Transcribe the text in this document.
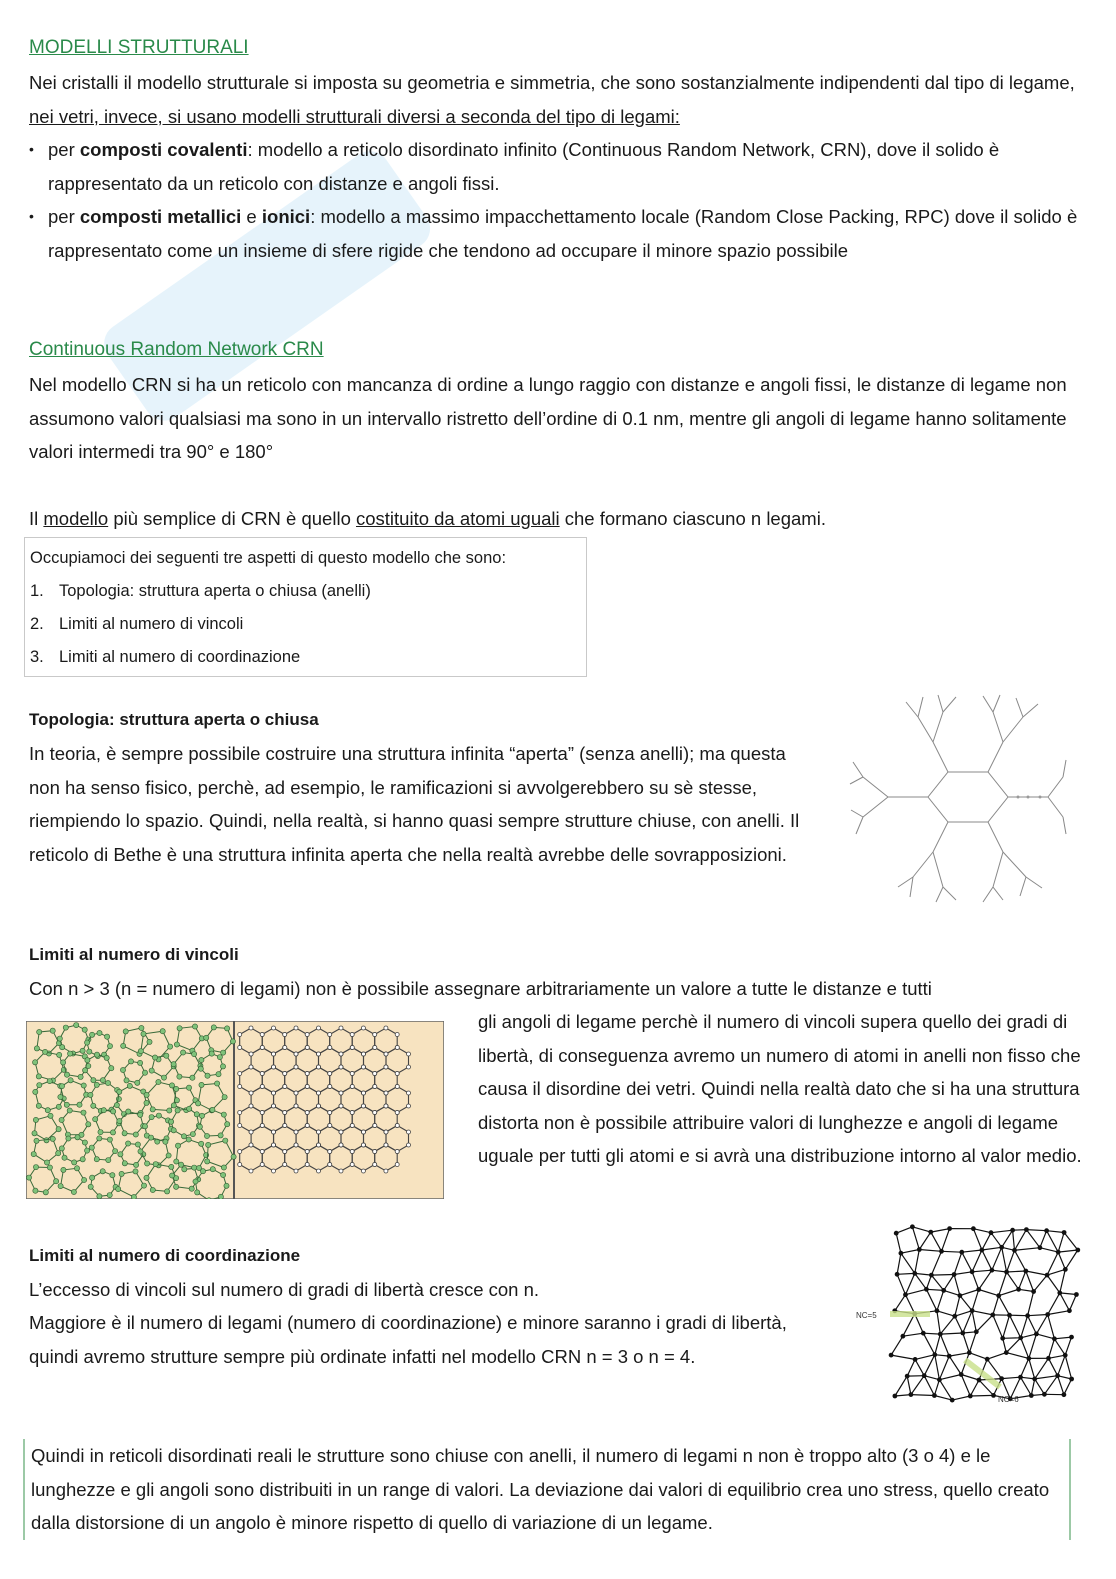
MODELLI STRUTTURALI
Nei cristalli il modello strutturale si imposta su geometria e simmetria, che sono sostanzialmente indipendenti dal tipo di legame, nei vetri, invece, si usano modelli strutturali diversi a seconda del tipo di legami:
• per composti covalenti: modello a reticolo disordinato infinito (Continuous Random Network, CRN), dove il solido è rappresentato da un reticolo con distanze e angoli fissi.
• per composti metallici e ionici: modello a massimo impacchettamento locale (Random Close Packing, RPC) dove il solido è rappresentato come un insieme di sfere rigide che tendono ad occupare il minore spazio possibile
Continuous Random Network CRN
Nel modello CRN si ha un reticolo con mancanza di ordine a lungo raggio con distanze e angoli fissi, le distanze di legame non assumono valori qualsiasi ma sono in un intervallo ristretto dell’ordine di 0.1 nm, mentre gli angoli di legame hanno solitamente valori intermedi tra 90° e 180°
Il modello più semplice di CRN è quello costituito da atomi uguali che formano ciascuno n legami.
Occupiamoci dei seguenti tre aspetti di questo modello che sono:
1. Topologia: struttura aperta o chiusa (anelli)
2. Limiti al numero di vincoli
3. Limiti al numero di coordinazione
Topologia: struttura aperta o chiusa
In teoria, è sempre possibile costruire una struttura infinita “aperta” (senza anelli); ma questa non ha senso fisico, perchè, ad esempio, le ramificazioni si avvolgerebbero su sè stesse, riempiendo lo spazio. Quindi, nella realtà, si hanno quasi sempre strutture chiuse, con anelli. Il reticolo di Bethe è una struttura infinita aperta che nella realtà avrebbe delle sovrapposizioni.
Limiti al numero di vincoli
Con n > 3 (n = numero di legami) non è possibile assegnare arbitrariamente un valore a tutte le distanze e tutti
gli angoli di legame perchè il numero di vincoli supera quello dei gradi di libertà, di conseguenza avremo un numero di atomi in anelli non fisso che causa il disordine dei vetri. Quindi nella realtà dato che si ha una struttura distorta non è possibile attribuire valori di lunghezze e angoli di legame uguale per tutti gli atomi e si avrà una distribuzione intorno al valor medio.
Limiti al numero di coordinazione
L’eccesso di vincoli sul numero di gradi di libertà cresce con n.
Maggiore è il numero di legami (numero di coordinazione) e minore saranno i gradi di libertà, quindi avremo strutture sempre più ordinate infatti nel modello CRN n = 3 o n = 4.
NC=5
NC=6
Quindi in reticoli disordinati reali le strutture sono chiuse con anelli, il numero di legami n non è troppo alto (3 o 4) e le lunghezze e gli angoli sono distribuiti in un range di valori. La deviazione dai valori di equilibrio crea uno stress, quello creato dalla distorsione di un angolo è minore rispetto di quello di variazione di un legame.
